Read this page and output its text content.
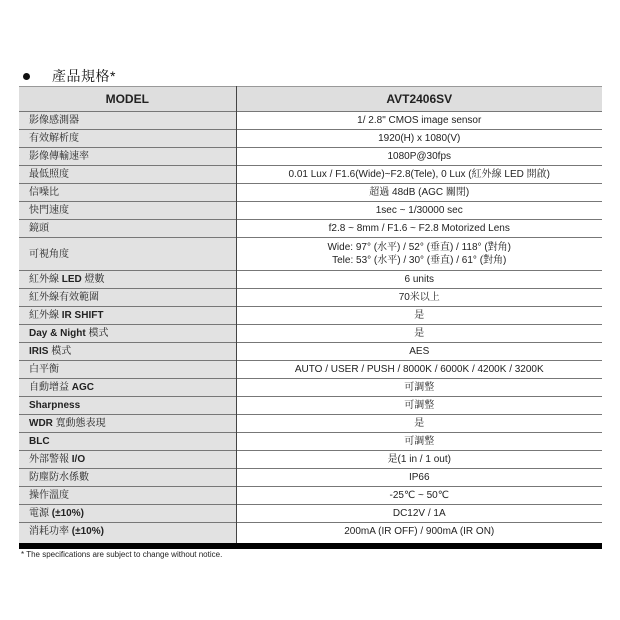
產品規格*
MODEL	AVT2406SV
影像感測器	1/ 2.8" CMOS image sensor
有效解析度	1920(H) x 1080(V)
影像傳輸速率	1080P@30fps
最低照度	0.01 Lux / F1.6(Wide)~F2.8(Tele), 0 Lux (紅外線 LED 開啟)
信噪比	超過 48dB (AGC 關閉)
快門速度	1sec ~ 1/30000 sec
鏡頭	f2.8 ~ 8mm / F1.6 ~ F2.8 Motorized Lens
可視角度	Wide: 97° (水平) / 52° (垂直) / 118° (對角)
Tele: 53° (水平) / 30° (垂直) / 61° (對角)

紅外線 LED 燈數	6 units
紅外線有效範圍	70米以上
紅外線 IR SHIFT	是
Day & Night 模式	是
IRIS 模式	AES
白平衡	AUTO / USER / PUSH / 8000K / 6000K / 4200K / 3200K
自動增益 AGC	可調整
Sharpness	可調整
WDR 寬動態表現	是
BLC	可調整
外部警報 I/O	是(1 in / 1 out)
防塵防水係數	IP66
操作溫度	-25℃ ~ 50℃
電源 (±10%)	DC12V / 1A
消耗功率 (±10%)	200mA (IR OFF) / 900mA (IR ON)
* The specifications are subject to change without notice.
